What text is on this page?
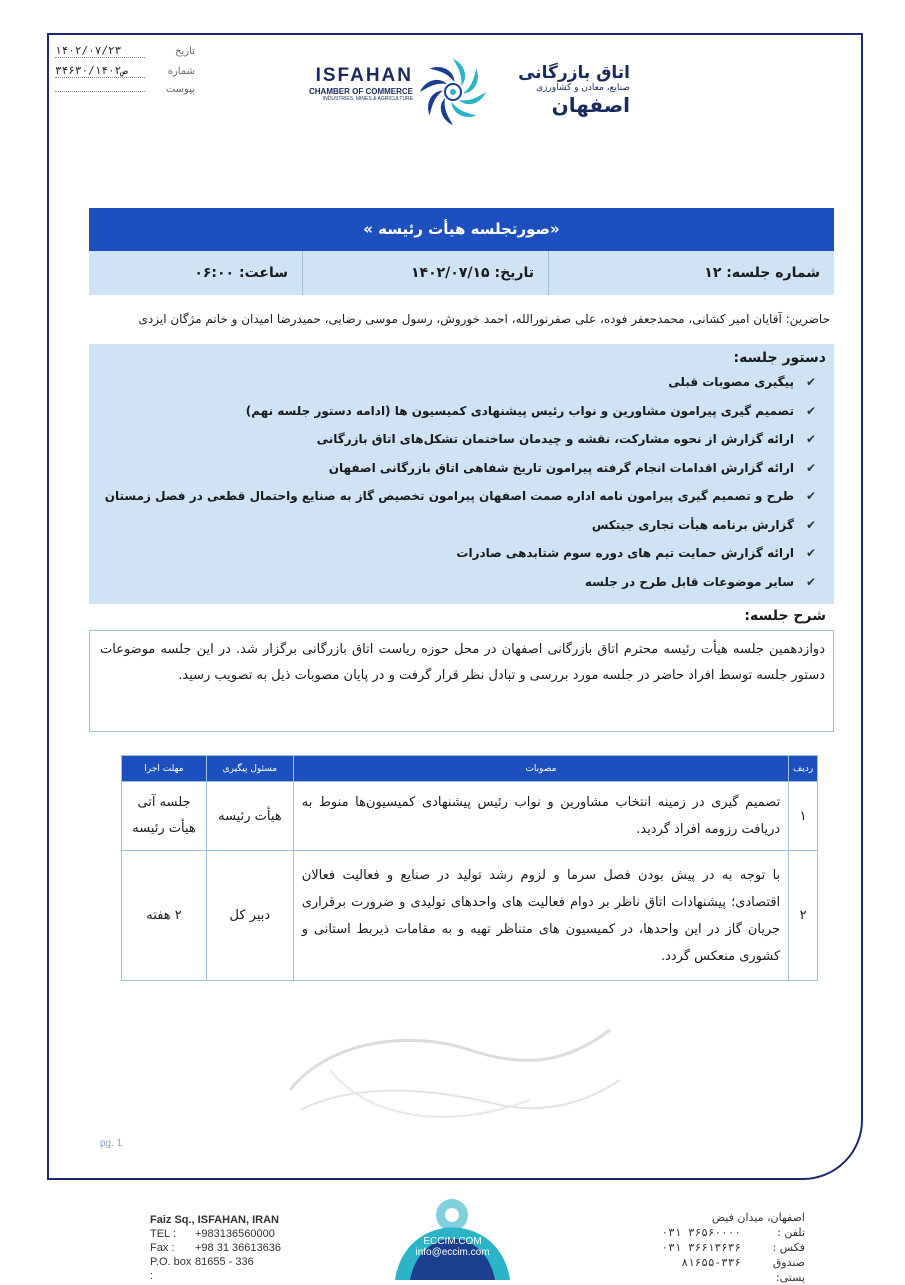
تاریخ
۱۴۰۲/۰۷/۲۳
شماره
۳۴۶۳۰/ص۱۴۰۲
پیوست
ISFAHAN
CHAMBER OF COMMERCE
INDUSTRIES, MINES & AGRICULTURE
اتاق بازرگانی
صنایع، معادن و کشاورزی
اصفهان
«صورتجلسه هیأت رئیسه »
شماره جلسه: ۱۲
تاریخ: ۱۴۰۲/۰۷/۱۵
ساعت: ۰۶:۰۰
حاضرین: آقایان امیر کشانی، محمدجعفر فوده، علی صفرنورالله، احمد خوروش، رسول موسی رضایی، حمیدرضا امیدان و خانم مژگان ایزدی
دستور جلسه:
✔پیگیری مصوبات قبلی
✔تصمیم گیری پیرامون مشاورین و نواب رئیس پیشنهادی کمیسیون ها (ادامه دستور جلسه نهم)
✔ارائه گزارش از نحوه مشارکت، نقشه و چیدمان ساختمان تشکل‌های اتاق بازرگانی
✔ارائه گزارش اقدامات انجام گرفته پیرامون تاریخ شفاهی اتاق بازرگانی اصفهان
✔طرح و تصمیم گیری پیرامون نامه اداره صمت اصفهان پیرامون تخصیص گاز به صنایع واحتمال قطعی در فصل زمستان
✔گزارش برنامه هیأت تجاری جیتکس
✔ارائه گزارش حمایت تیم های دوره سوم شتابدهی صادرات
✔سایر موضوعات قابل طرح در جلسه
شرح جلسه:
دوازدهمین جلسه هیأت رئیسه محترم اتاق بازرگانی اصفهان در محل حوزه ریاست اتاق بازرگانی برگزار شد. در این جلسه موضوعات دستور جلسه توسط افراد حاضر در جلسه مورد بررسی و تبادل نظر قرار گرفت و در پایان مصوبات ذیل به تصویب رسید.
ردیف	مصوبات	مسئول پیگیری	مهلت اجرا
۱	تصمیم گیری در زمینه انتخاب مشاورین و نواب رئیس پیشنهادی کمیسیون‌ها منوط به دریافت رزومه افراد گردید.	هیأت رئیسه	جلسه آتی هیأت رئیسه
۲	با توجه به در پیش بودن فصل سرما و لزوم رشد تولید در صنایع و فعالیت فعالان اقتصادی؛ پیشنهادات اتاق ناظر بر دوام فعالیت های واحدهای تولیدی و ضرورت برقراری جریان گاز در این واحدها، در کمیسیون های متناظر تهیه و به مقامات ذیربط استانی و کشوری منعکس گردد.	دبیر کل	۲ هفته
pg. 1
Faiz Sq., ISFAHAN, IRAN
TEL :	+983136560000
Fax :	+98 31 36613636
P.O. box :
81655 - 336
ECCIM.COM
info@eccim.com
اصفهان، میدان فیض
تلفن :
۰۳۱ ۳۶۵۶۰۰۰۰
فکس :
۰۳۱ ۳۶۶۱۳۶۳۶
صندوق پستی:
۸۱۶۵۵-۳۳۶
